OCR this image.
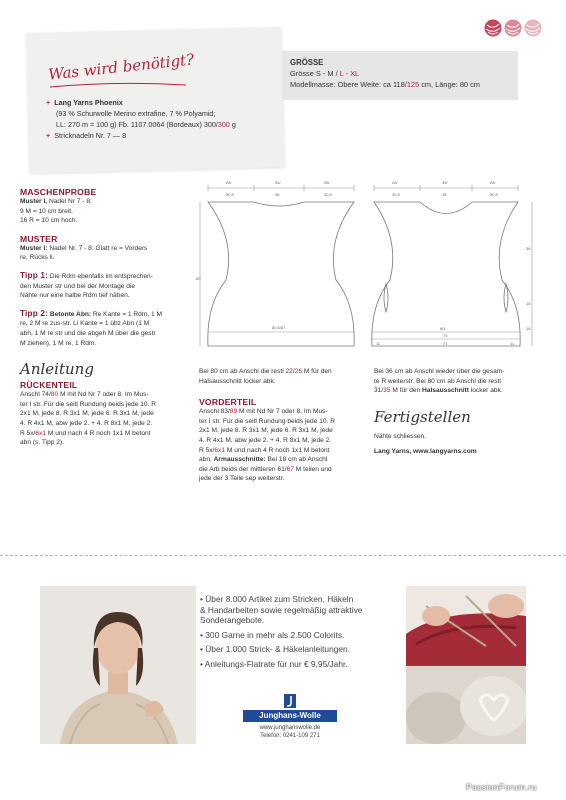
Was wird benötigt?
+ Lang Yarns Phoenix
(93 % Schurwolle Merino extrafine, 7 % Polyamid;
LL: 270 m = 100 g) Fb. 1107.0064 (Bordeaux) 300/300 g
+ Stricknadeln Nr. 7 — 8
GRÖSSE
Grösse S - M / L - XL
Modellmasse: Obere Weite: ca 118/125 cm, Länge: 80 cm
MASCHENPROBE
Muster I, Nadel Nr 7 - 8:
9 M = 10 cm breit.
16 R = 10 cm hoch.
MUSTER
Muster I: Nadel Nr. 7 - 8: Glatt re = Vorders
re, Rücks li.
Tipp 1: Die Rdm ebenfalls im entsprechen-
den Muster str und bei der Montage die
Nähte nur eine halbe Rdm tief nähen.
Tipp 2: Betonte Abn: Re Kante = 1 Rdm, 1 M
re, 2 M re zus-str. Li Kante = 1 übz Abn (1 M
abh, 1 M re str und die abgeh M über die gestr
M ziehen), 1 M re, 1 Rdm.
Anleitung
RÜCKENTEIL
Anschl 74/80 M mit Nd Nr 7 oder 8. Im Mus-
ter I str. Für die seitl Rundung beids jede 10. R
2x1 M, jede 8. R 3x1 M, jede 6. R 3x1 M, jede
4. R 4x1 M, abw jede 2. + 4. R 8x1 M, jede 2.
R 5x/6x1 M und nach 4 R noch 1x1 M betont
abn (s. Tipp 2).
28/
30,5
35/
38
28/
30,5
80
80,5/87
28/
30,5
35/
38
28/
30,5
36
18
18
11	11
60/
75
71
Bei 80 cm ab Anschl die restl 22/26 M für den
Halsausschnitt locker abk.
VORDERTEIL
Anschl 83/89 M mit Nd Nr 7 oder 8. Im Mus-
ter I str. Für die seitl Rundung beids jede 10. R
2x1 M, jede 8. R 3x1 M, jede 6. R 3x1 M, jede
4. R 4x1 M, abw jede 2. + 4. R 8x1 M, jede 2.
R 5x/6x1 M und nach 4 R noch 1x1 M betont
abn. Armausschnitte: Bei 18 cm ab Anschl
die Arb beids der mittleren 61/67 M teilen und
jede der 3 Teile sep weiterstr.
Bei 36 cm ab Anschl wieder über die gesam-
te R weiterstr. Bei 80 cm ab Anschl die restl
31/35 M für den Halsausschnitt locker abk.
Fertigstellen
Nähte schliessen.
Lang Yarns, www.langyarns.com
• Über 8.000 Artikel zum Stricken, Häkeln
& Handarbeiten sowie regelmäßig attraktive
Sonderangebote.
• 300 Garne in mehr als 2.500 Colorits.
• Über 1.000 Strick- & Häkelanleitungen.
• Anleitungs-Flatrate für nur € 9,95/Jahr.
Junghans-Wolle
www.junghanswolle.de
Telefon: 0241-109 271
PassionForum.ru
